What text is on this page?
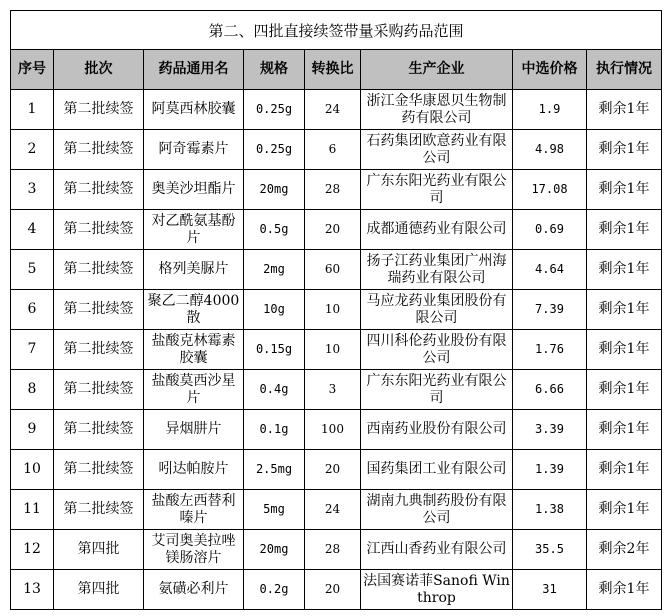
第二、四批直接续签带量采购药品范围							
序号	批次	药品通用名	规格	转换比	生产企业	中选价格	执行情况
1	第二批续签	阿莫西林胶囊	0.25g	24	浙江金华康恩贝生物制药有限公司	1.9	剩余1年
2	第二批续签	阿奇霉素片	0.25g	6	石药集团欧意药业有限公司	4.98	剩余1年
3	第二批续签	奥美沙坦酯片	20mg	28	广东东阳光药业有限公司	17.08	剩余1年
4	第二批续签	对乙酰氨基酚片	0.5g	20	成都通德药业有限公司	0.69	剩余1年
5	第二批续签	格列美脲片	2mg	60	扬子江药业集团广州海瑞药业有限公司	4.64	剩余1年
6	第二批续签	聚乙二醇4000散	10g	10	马应龙药业集团股份有限公司	7.39	剩余1年
7	第二批续签	盐酸克林霉素胶囊	0.15g	10	四川科伦药业股份有限公司	1.76	剩余1年
8	第二批续签	盐酸莫西沙星片	0.4g	3	广东东阳光药业有限公司	6.66	剩余1年
9	第二批续签	异烟肼片	0.1g	100	西南药业股份有限公司	3.39	剩余1年
10	第二批续签	吲达帕胺片	2.5mg	20	国药集团工业有限公司	1.39	剩余1年
11	第二批续签	盐酸左西替利嗪片	5mg	24	湖南九典制药股份有限公司	1.38	剩余1年
12	第四批	艾司奥美拉唑镁肠溶片	20mg	28	江西山香药业有限公司	35.5	剩余2年
13	第四批	氨磺必利片	0.2g	20	法国赛诺菲Sanofi Winthrop	31	剩余1年
